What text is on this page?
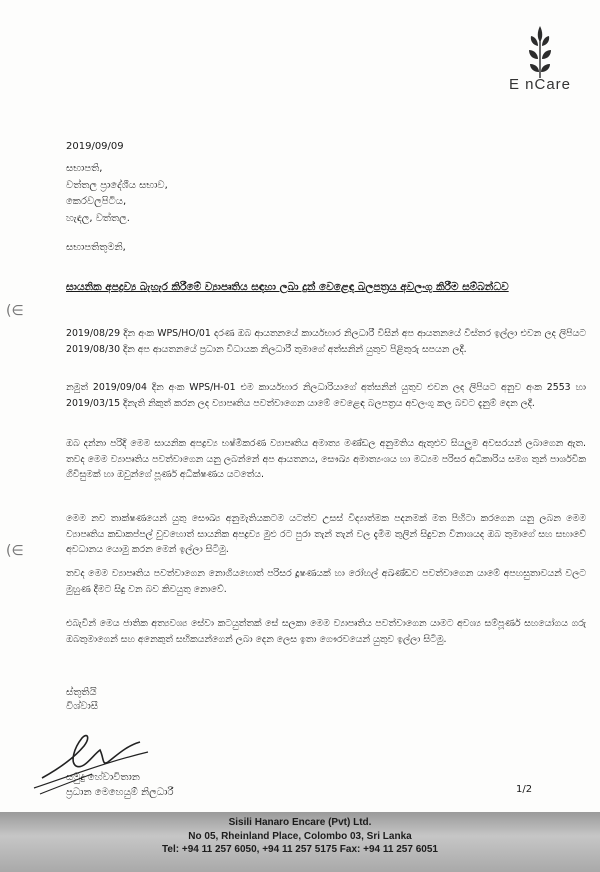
E nCare
2019/09/09
සභාපති,
වත්තල ප්‍රාදේශීය සභාව,
කෙරවලපිටිය,
හැඳල, වත්තල.
සභාපතිතුමනි,
සායනික අපද්‍රව්‍ය බැහැර කිරීමේ ව්‍යාපෘතිය සඳහා ලබා දුන් වෙළෙඳ බලපත්‍රය අවලංගු කිරීම සම්බන්ධව
(∈
(∈
2019/08/29 දින අංක WPS/HO/01 දරණ ඔබ ආයතනයේ කාර්යභාර නිලධාරී විසින් අප ආයතනයේ විස්තර ඉල්ලා එවන ලද ලිපියට 2019/08/30 දින අප ආයතනයේ ප්‍රධාන විධායක නිලධාරී තුමාගේ අත්සනින් යුතුව පිළිතුරු සපයන ලදී.
නමුත් 2019/09/04 දින අංක WPS/H-01 එම කාර්යභාර නිලධාරියාගේ අත්සනින් යුතුව එවන ලද ලිපියට අනුව අංක 2553 හා 2019/03/15 දිනැති නිකුත් කරන ලද ව්‍යාපෘතිය පවත්වාගෙන යාමේ වෙළෙඳ බලපත්‍රය අවලංගු කල බවට දැනුම් දෙන ලදී.
ඔබ දන්නා පරිදි මෙම සායනික අපද්‍රව්‍ය භෂ්මීකරණ ව්‍යාපෘතිය අමාත්‍ය මණ්ඩල අනුමතිය ඇතුළුව සියලුම අවසරයන් ලබාගෙන ඇත. තවද මෙම ව්‍යාපෘතිය පවත්වාගෙන යනු ලබන්නේ අප ආයතනය, සෞඛ්‍ය අමාත්‍යංශය හා මධ්‍යම පරිසර අධිකාරිය සමග තුන් පාර්ශවික ගිවිසුමක් හා ඔවුන්ගේ පූර්ණ අධීක්ෂණය යටතේය.
මෙම නව තාක්ෂණයෙන් යුතු සෞඛ්‍ය අනුමැතියකටම යටත්ව උසස් විද්‍යාත්මක පදනමක් මත පිහිටා කරගෙන යනු ලබන මෙම ව්‍යාපෘතිය කඩාකප්පල් වුවහොත් සායනික අපද්‍රව්‍ය මුළු රට පුරා තැන් තැන් වල දැමීම තුලින් සිදුවන විනාශයද ඔබ තුමාගේ සහ සභාවේ අවධානය යොමු කරන මෙන් ඉල්ලා සිටිමු.
තවද මෙම ව්‍යාපෘතිය පවත්වාගෙන නොගියහොත් පරිසර දූෂණයක් හා රෝහල් අඛණ්ඩව පවත්වාගෙන යාමේ අපහසුතාවයන් වලට මුහුණ දීමට සිදු වන බව කිවයුතු නොවේ.
එබැවින් මෙය ජාතික අත්‍යවශ්‍ය සේවා කටයුත්තක් සේ සලකා මෙම ව්‍යාපෘතිය පවත්වාගෙන යාමට අවශ්‍ය සම්පූර්ණ සහයෝගය ගරු ඔබතුමාගෙන් සහ අනෙකුත් සභිකයන්ගෙන් ලබා දෙන ලෙස ඉතා ගෞරවයෙන් යුතුව ඉල්ලා සිටිමු.
ස්තුතියි
විශ්වාසී
සමුදු හේවාවිතාන
ප්‍රධාන මෙහෙයුම් නිලධාරී	1/2
Sisili Hanaro Encare (Pvt) Ltd.
No 05, Rheinland Place, Colombo 03, Sri Lanka
Tel: +94 11 257 6050, +94 11 257 5175 Fax: +94 11 257 6051
